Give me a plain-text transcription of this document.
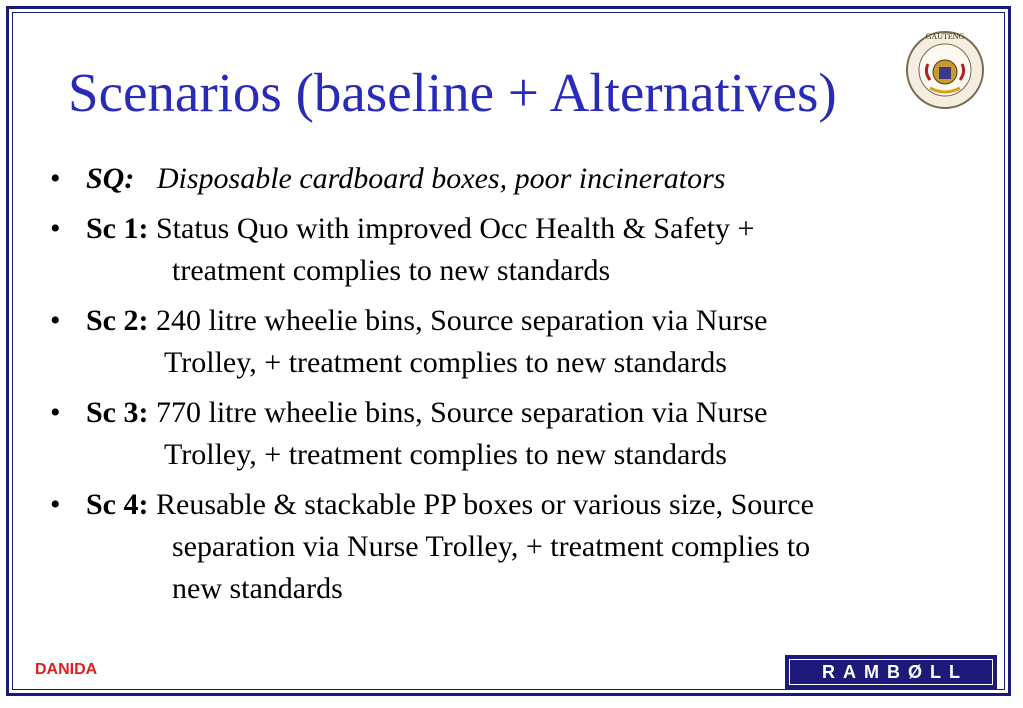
Scenarios (baseline + Alternatives)
GAUTENG
• SQ: Disposable cardboard boxes, poor incinerators
• Sc 1: Status Quo with improved Occ Health & Safety +
treatment complies to new standards
• Sc 2: 240 litre wheelie bins, Source separation via Nurse
Trolley, + treatment complies to new standards
• Sc 3: 770 litre wheelie bins, Source separation via Nurse
Trolley, + treatment complies to new standards
• Sc 4: Reusable & stackable PP boxes or various size, Source
separation via Nurse Trolley, + treatment complies to
new standards
DANIDA	RAMBØLL
